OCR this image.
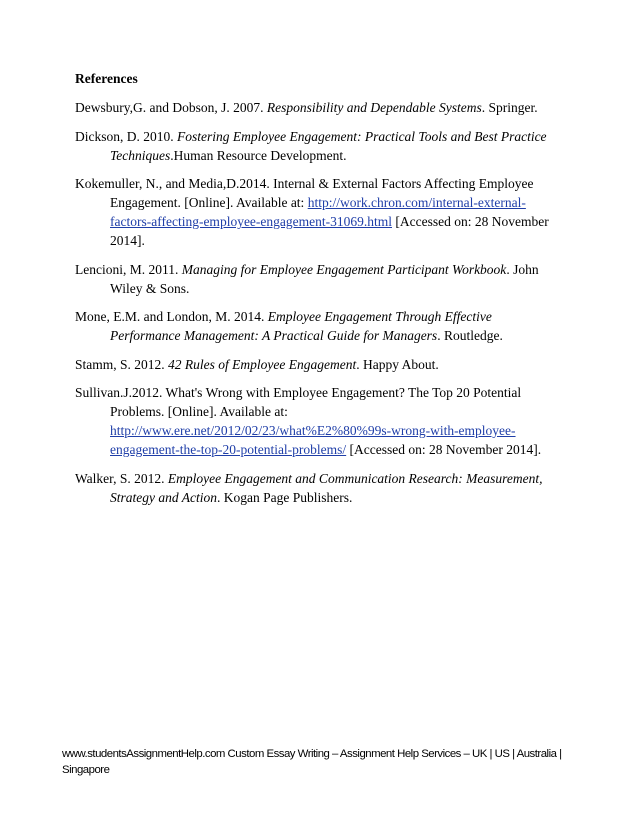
References

Dewsbury,G. and Dobson, J. 2007. Responsibility and Dependable Systems. Springer.

Dickson, D. 2010. Fostering Employee Engagement: Practical Tools and Best Practice Techniques.Human Resource Development.

Kokemuller, N., and Media,D.2014. Internal & External Factors Affecting Employee Engagement. [Online]. Available at: http://work.chron.com/internal-external-factors-affecting-employee-engagement-31069.html [Accessed on: 28 November 2014].

Lencioni, M. 2011. Managing for Employee Engagement Participant Workbook. John Wiley & Sons.

Mone, E.M. and London, M. 2014. Employee Engagement Through Effective Performance Management: A Practical Guide for Managers. Routledge.

Stamm, S. 2012. 42 Rules of Employee Engagement. Happy About.

Sullivan.J.2012. What's Wrong with Employee Engagement? The Top 20 Potential Problems. [Online]. Available at: http://www.ere.net/2012/02/23/what%E2%80%99s-wrong-with-employee-engagement-the-top-20-potential-problems/ [Accessed on: 28 November 2014].

Walker, S. 2012. Employee Engagement and Communication Research: Measurement, Strategy and Action. Kogan Page Publishers.

www.studentsAssignmentHelp.com Custom Essay Writing – Assignment Help Services – UK | US | Australia | Singapore
